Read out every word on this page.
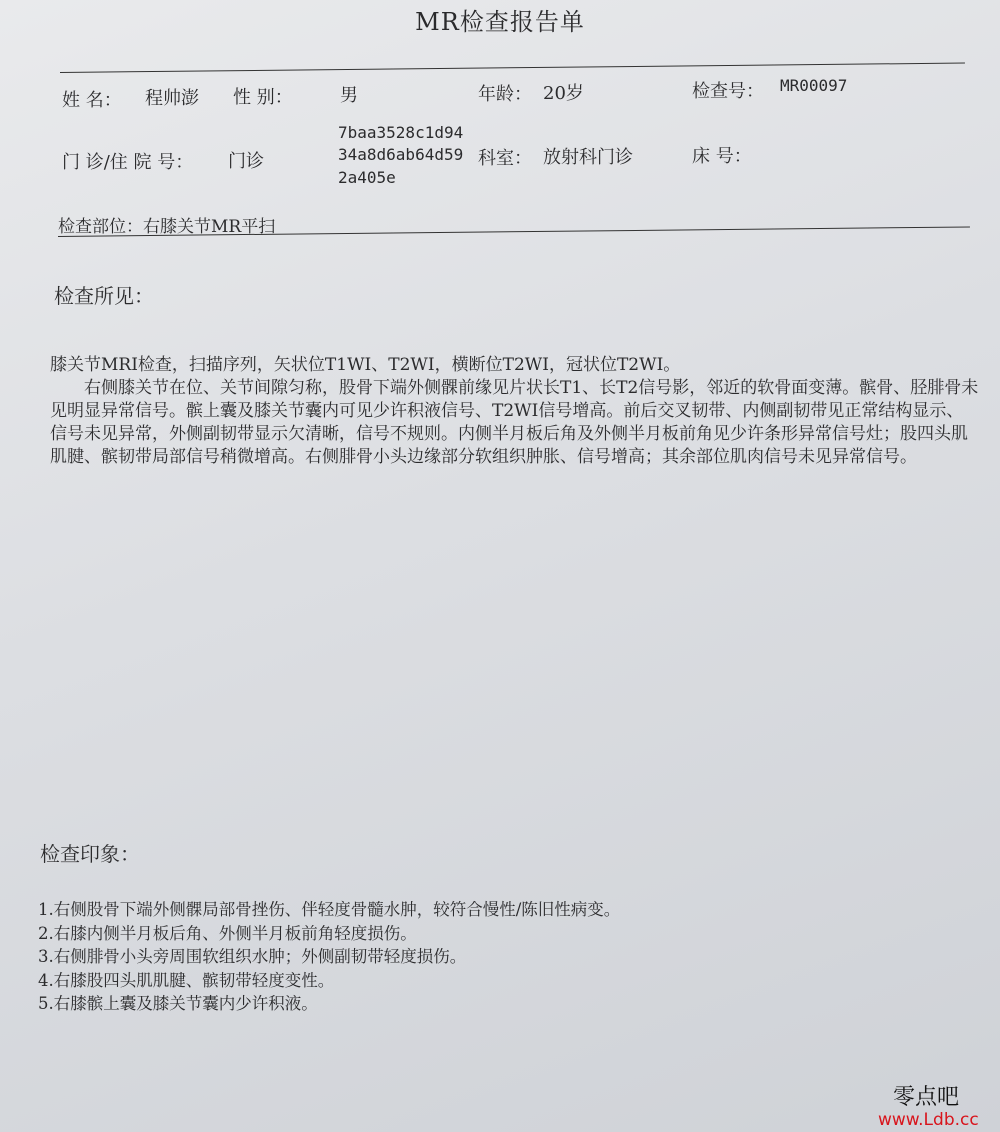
MR检查报告单
姓 名： 程帅澎 性 别：	男	年龄： 20岁	检查号： MR00097
门 诊/住 院 号： 门诊
7baa3528c1d94
34a8d6ab64d59
2a405e
科室： 放射科门诊	床 号：
检查部位：右膝关节MR平扫
检查所见：

膝关节MRI检查，扫描序列，矢状位T1WI、T2WI，横断位T2WI，冠状位T2WI。

　　右侧膝关节在位、关节间隙匀称，股骨下端外侧髁前缘见片状长T1、长T2信号影，邻近的软骨面变薄。髌骨、胫腓骨未见明显异常信号。髌上囊及膝关节囊内可见少许积液信号、T2WI信号增高。前后交叉韧带、内侧副韧带见正常结构显示、信号未见异常，外侧副韧带显示欠清晰，信号不规则。内侧半月板后角及外侧半月板前角见少许条形异常信号灶；股四头肌肌腱、髌韧带局部信号稍微增高。右侧腓骨小头边缘部分软组织肿胀、信号增高；其余部位肌肉信号未见异常信号。

检查印象：
1.右侧股骨下端外侧髁局部骨挫伤、伴轻度骨髓水肿，较符合慢性/陈旧性病变。
2.右膝内侧半月板后角、外侧半月板前角轻度损伤。
3.右侧腓骨小头旁周围软组织水肿；外侧副韧带轻度损伤。
4.右膝股四头肌肌腱、髌韧带轻度变性。
5.右膝髌上囊及膝关节囊内少许积液。
零点吧
www.Ldb.cc
